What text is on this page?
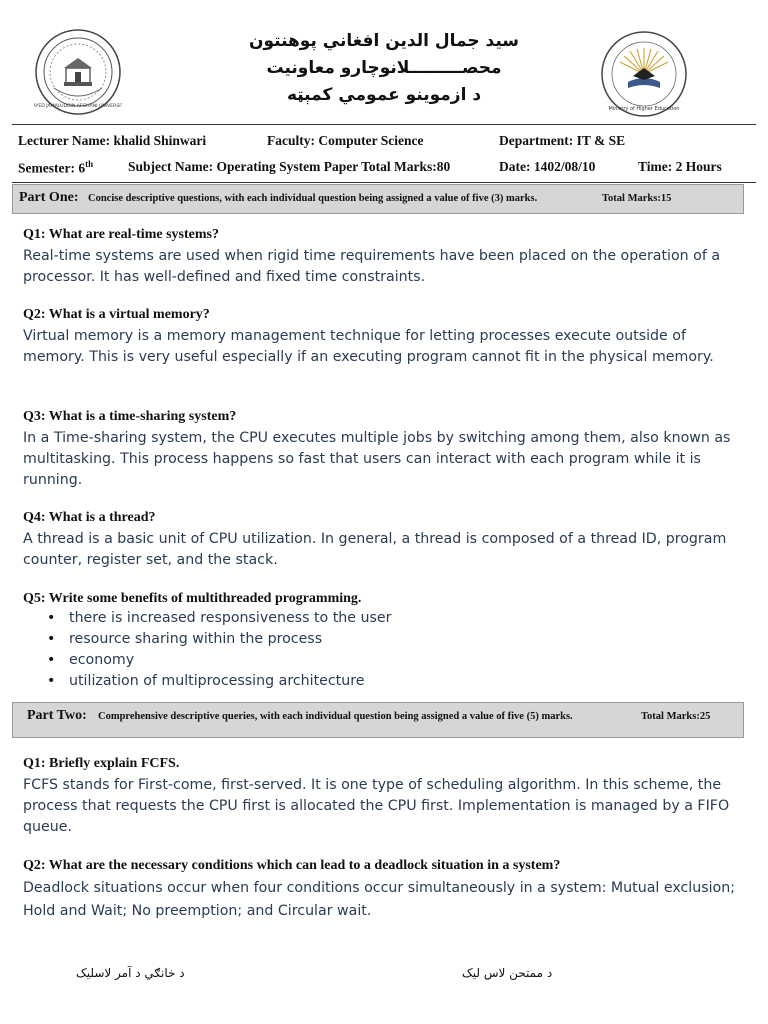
SAYED JAMALUDDIN AFGHANI UNIVERSITY	Ministry of Higher Education
سید جمال الدین افغاني پوهنتون
محصـــــــــلانوچارو معاونیت
د ازموینو عمومي کمېټه
Lecturer Name: khalid Shinwari	Faculty: Computer Science	Department: IT & SE
Semester: 6th	Subject Name: Operating System Paper Total Marks:80	Date: 1402/08/10	Time: 2 Hours
Part One: Concise descriptive questions, with each individual question being assigned a value of five (3) marks.	Total Marks:15

Q1: What are real-time systems?

Real-time systems are used when rigid time requirements have been placed on the operation of a processor. It has well-defined and fixed time constraints.

Q2: What is a virtual memory?

Virtual memory is a memory management technique for letting processes execute outside of memory. This is very useful especially if an executing program cannot fit in the physical memory.

Q3: What is a time-sharing system?

In a Time-sharing system, the CPU executes multiple jobs by switching among them, also known as multitasking. This process happens so fast that users can interact with each program while it is running.

Q4: What is a thread?

A thread is a basic unit of CPU utilization. In general, a thread is composed of a thread ID, program counter, register set, and the stack.

Q5: Write some benefits of multithreaded programming.

• there is increased responsiveness to the user
• resource sharing within the process
• economy
• utilization of multiprocessing architecture
Part Two: Comprehensive descriptive queries, with each individual question being assigned a value of five (5) marks.	Total Marks:25

Q1: Briefly explain FCFS.

FCFS stands for First-come, first-served. It is one type of scheduling algorithm. In this scheme, the process that requests the CPU first is allocated the CPU first. Implementation is managed by a FIFO queue.

Q2: What are the necessary conditions which can lead to a deadlock situation in a system?

Deadlock situations occur when four conditions occur simultaneously in a system: Mutual exclusion; Hold and Wait; No preemption; and Circular wait.

د خانګي د آمر لاسلیک	د ممتحن لاس لیک
